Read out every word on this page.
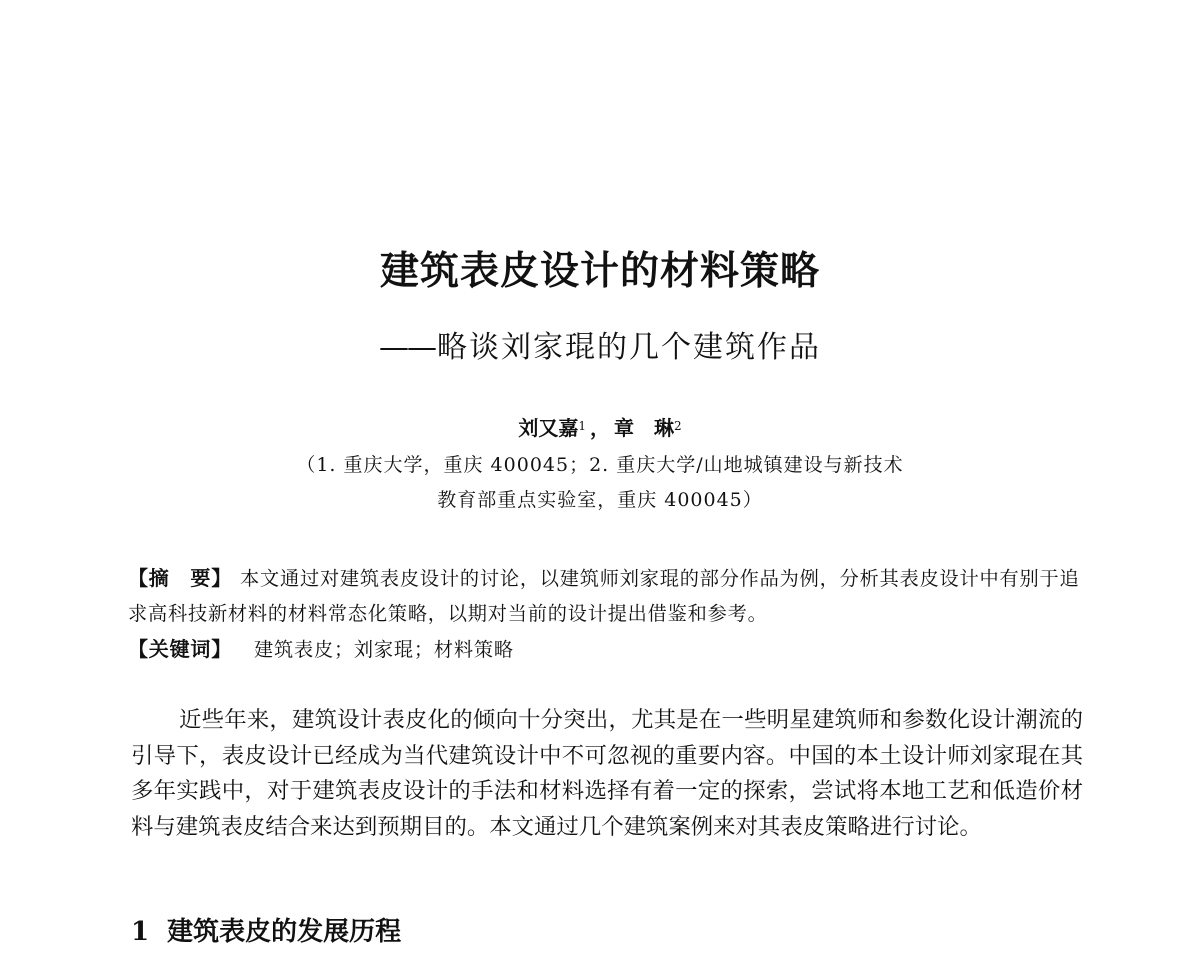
建筑表皮设计的材料策略
——略谈刘家琨的几个建筑作品
刘又嘉$^1$ ， 章　琳$^2$
（1. 重庆大学，重庆 400045；2. 重庆大学/山地城镇建设与新技术
教育部重点实验室，重庆 400045）
【摘　要】 本文通过对建筑表皮设计的讨论，以建筑师刘家琨的部分作品为例，分析其表皮设计中有别于追求高科技新材料的材料常态化策略，以期对当前的设计提出借鉴和参考。
【关键词】 建筑表皮；刘家琨；材料策略
近些年来，建筑设计表皮化的倾向十分突出，尤其是在一些明星建筑师和参数化设计潮流的引导下，表皮设计已经成为当代建筑设计中不可忽视的重要内容。中国的本土设计师刘家琨在其多年实践中，对于建筑表皮设计的手法和材料选择有着一定的探索，尝试将本地工艺和低造价材料与建筑表皮结合来达到预期目的。本文通过几个建筑案例来对其表皮策略进行讨论。
1 建筑表皮的发展历程
